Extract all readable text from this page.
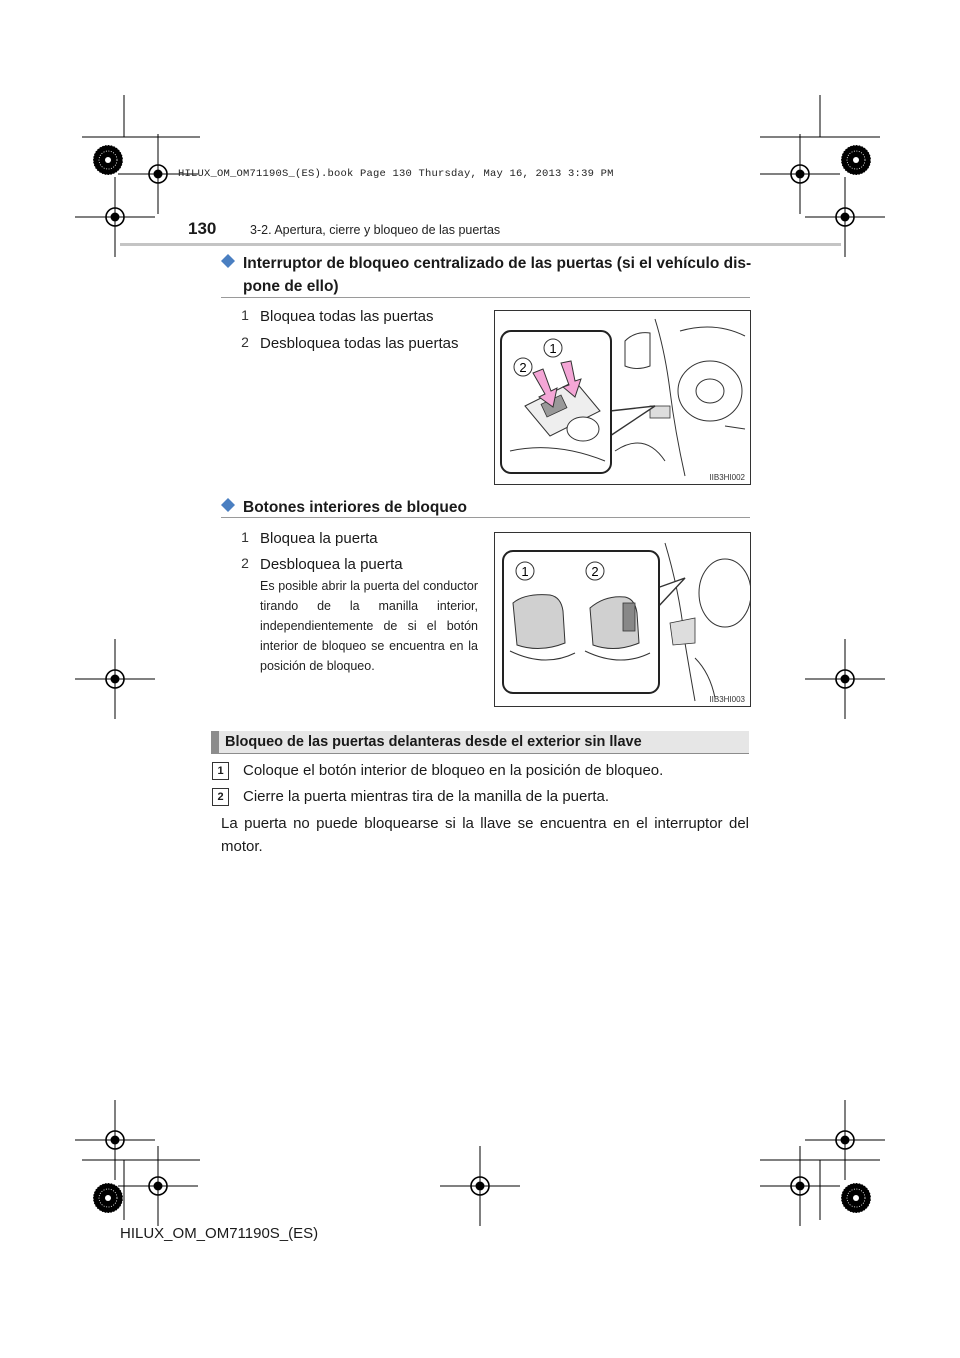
HILUX_OM_OM71190S_(ES).book Page 130 Thursday, May 16, 2013 3:39 PM
130	3-2. Apertura, cierre y bloqueo de las puertas
Interruptor de bloqueo centralizado de las puertas (si el vehículo dis-
pone de ello)
1 Bloquea todas las puertas
2 Desbloquea todas las puertas	1
2
IIB3HI002
Botones interiores de bloqueo
1 Bloquea la puerta
2 Desbloquea la puerta
Es posible abrir la puerta del conductor tirando de la manilla interior, independientemente de si el botón interior de bloqueo se encuentra en la posición de bloqueo.
1	2
IIB3HI003
Bloqueo de las puertas delanteras desde el exterior sin llave
1	Coloque el botón interior de bloqueo en la posición de bloqueo.
2	Cierre la puerta mientras tira de la manilla de la puerta.
La puerta no puede bloquearse si la llave se encuentra en el interruptor del motor.
HILUX_OM_OM71190S_(ES)
